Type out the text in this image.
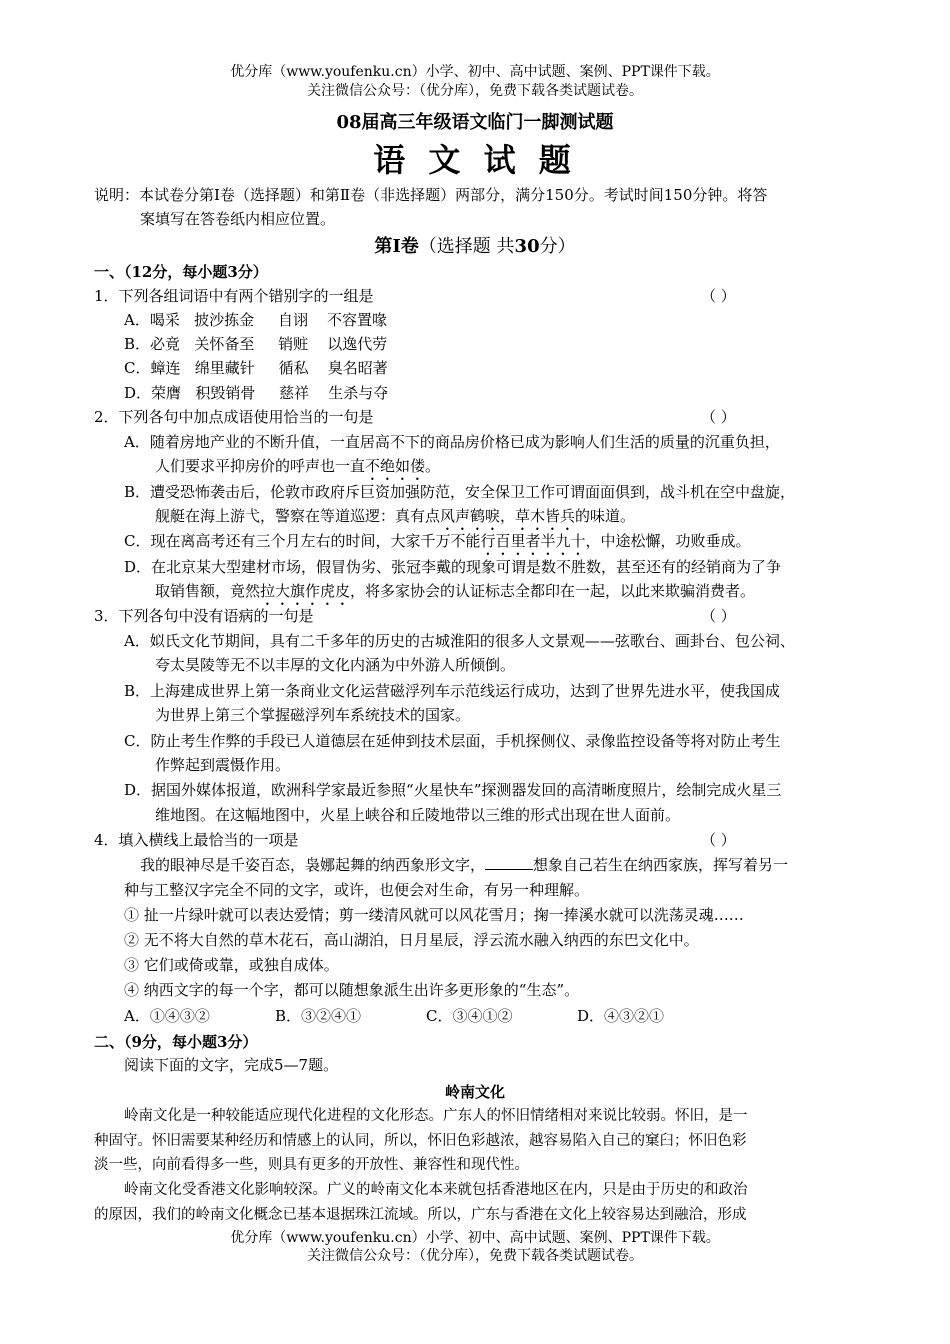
优分库（www.youfenku.cn）小学、初中、高中试题、案例、PPT课件下载。
关注微信公众号：（优分库），免费下载各类试题试卷。
08届高三年级语文临门一脚测试题
语 文 试 题
说明：本试卷分第Ⅰ卷（选择题）和第Ⅱ卷（非选择题）两部分，满分150分。考试时间150分钟。将答
案填写在答卷纸内相应位置。
第Ⅰ卷（选择题 共30分）
一、（12分，每小题3分）
1．下列各组词语中有两个错别字的一组是	（ ）
A．喝采   披沙拣金     自诩    不容置喙
B．必竟   关怀备至     销赃    以逸代劳
C．蟑连   绵里藏针     循私    臭名昭著
D．荣膺   积毁销骨     慈祥    生杀与夺
2．下列各句中加点成语使用恰当的一句是	（ ）
A．随着房地产业的不断升值，一直居高不下的商品房价格已成为影响人们生活的质量的沉重负担，
人们要求平抑房价的呼声也一直不绝如偻。
B．遭受恐怖袭击后，伦敦市政府斥巨资加强防范，安全保卫工作可谓面面俱到，战斗机在空中盘旋，
舰艇在海上游弋，警察在等道巡逻：真有点风声鹤唳，草木皆兵的味道。
C．现在离高考还有三个月左右的时间，大家千万不能行百里者半九十，中途松懈，功败垂成。
D．在北京某大型建材市场，假冒伪劣、张冠李戴的现象可谓是数不胜数，甚至还有的经销商为了争
取销售额，竟然拉大旗作虎皮，将多家协会的认证标志全都印在一起，以此来欺骗消费者。
3．下列各句中没有语病的一句是	（ ）
A．姒氏文化节期间，具有二千多年的历史的古城淮阳的很多人文景观——弦歌台、画卦台、包公祠、
夸太昊陵等无不以丰厚的文化内涵为中外游人所倾倒。
B．上海建成世界上第一条商业文化运营磁浮列车示范线运行成功，达到了世界先进水平，使我国成
为世界上第三个掌握磁浮列车系统技术的国家。
C．防止考生作弊的手段已人道德层在延伸到技术层面，手机探侧仪、录像监控设备等将对防止考生
作弊起到震慑作用。
D．据国外媒体报道，欧洲科学家最近参照“火星快车”探测器发回的高清晰度照片，绘制完成火星三
维地图。在这幅地图中，火星上峡谷和丘陵地带以三维的形式出现在世人面前。
4．填入横线上最恰当的一项是	（ ）
我的眼神尽是千姿百态，袅娜起舞的纳西象形文字，	想象自己若生在纳西家族，挥写着另一
种与工整汉字完全不同的文字，或许，也便会对生命，有另一种理解。
① 扯一片绿叶就可以表达爱情；剪一缕清风就可以风花雪月；掬一捧溪水就可以洗荡灵魂……
② 无不将大自然的草木花石，高山湖泊，日月星辰，浮云流水融入纳西的东巴文化中。
③ 它们或倚或靠，或独自成体。
④ 纳西文字的每一个字，都可以随想象派生出许多更形象的“生态”。
A．①④③②	B．③②④①	C．③④①②	D．④③②①
二、（9分，每小题3分）
阅读下面的文字，完成5—7题。
岭南文化
岭南文化是一种较能适应现代化进程的文化形态。广东人的怀旧情绪相对来说比较弱。怀旧，是一
种固守。怀旧需要某种经历和情感上的认同，所以，怀旧色彩越浓，越容易陷入自己的窠臼；怀旧色彩
淡一些，向前看得多一些，则具有更多的开放性、兼容性和现代性。
岭南文化受香港文化影响较深。广义的岭南文化本来就包括香港地区在内，只是由于历史的和政治
的原因，我们的岭南文化概念已基本退据珠江流域。所以，广东与香港在文化上较容易达到融洽，形成
优分库（www.youfenku.cn）小学、初中、高中试题、案例、PPT课件下载。
关注微信公众号：（优分库），免费下载各类试题试卷。
